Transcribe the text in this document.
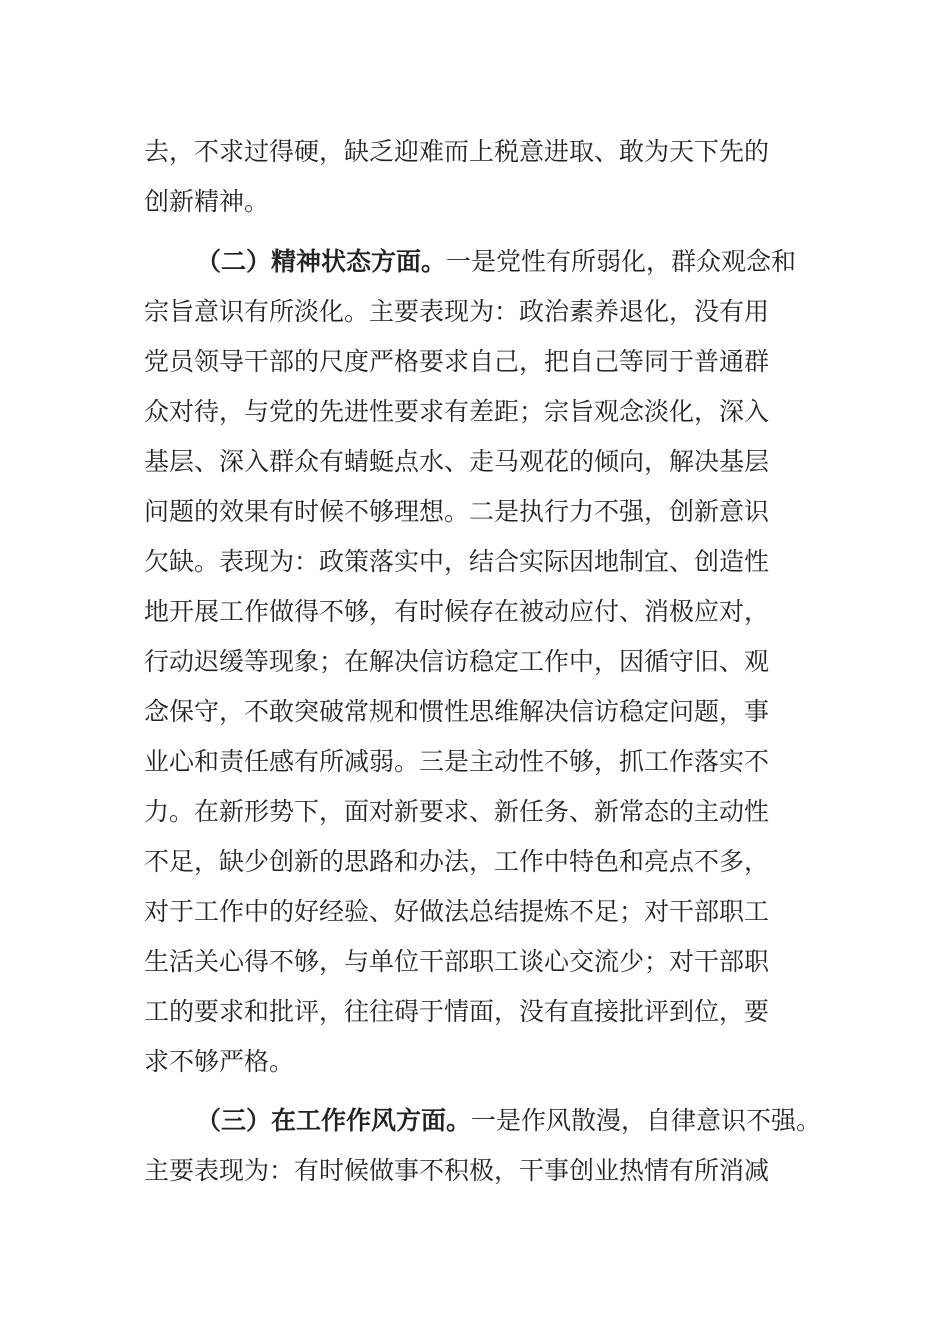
去，不求过得硬，缺乏迎难而上税意进取、敢为天下先的
创新精神。
（二）精神状态方面。一是党性有所弱化，群众观念和
宗旨意识有所淡化。主要表现为：政治素养退化，没有用
党员领导干部的尺度严格要求自己，把自己等同于普通群
众对待，与党的先进性要求有差距；宗旨观念淡化，深入
基层、深入群众有蜻蜓点水、走马观花的倾向，解决基层
问题的效果有时候不够理想。二是执行力不强，创新意识
欠缺。表现为：政策落实中，结合实际因地制宜、创造性
地开展工作做得不够，有时候存在被动应付、消极应对，
行动迟缓等现象；在解决信访稳定工作中，因循守旧、观
念保守，不敢突破常规和惯性思维解决信访稳定问题，事
业心和责任感有所减弱。三是主动性不够，抓工作落实不
力。在新形势下，面对新要求、新任务、新常态的主动性
不足，缺少创新的思路和办法，工作中特色和亮点不多，
对于工作中的好经验、好做法总结提炼不足；对干部职工
生活关心得不够，与单位干部职工谈心交流少；对干部职
工的要求和批评，往往碍于情面，没有直接批评到位，要
求不够严格。
（三）在工作作风方面。一是作风散漫，自律意识不强。
主要表现为：有时候做事不积极，干事创业热情有所消减
